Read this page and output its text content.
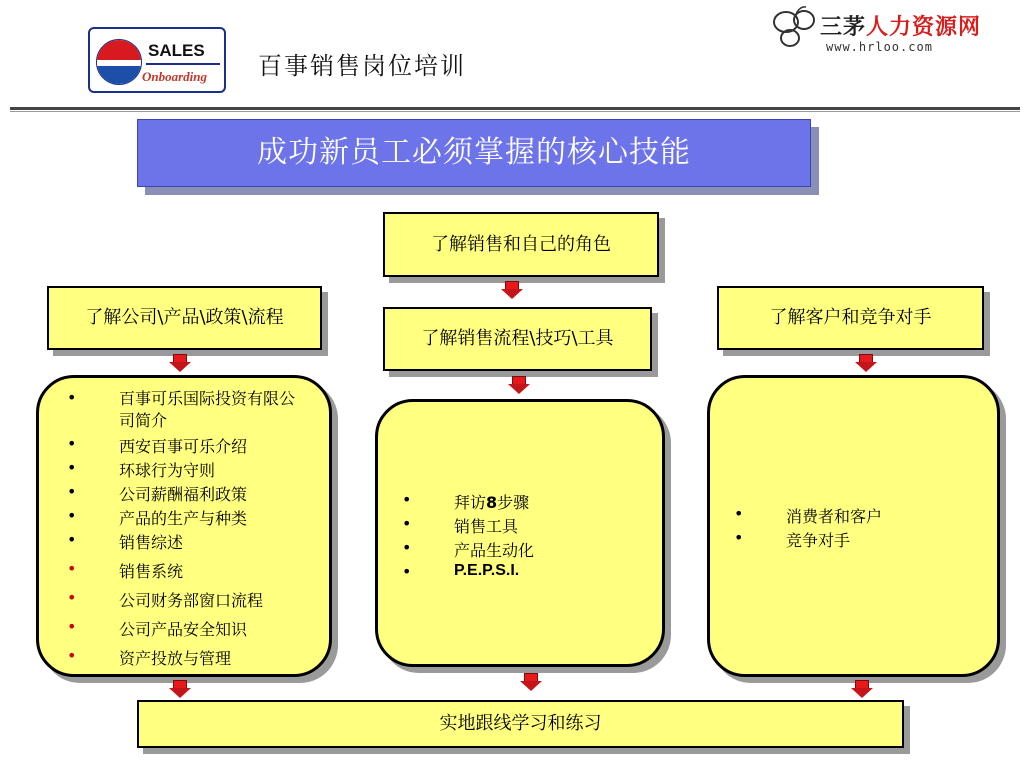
SALES
Onboarding 百事销售岗位培训
三茅人力资源网
www.hrloo.com
成功新员工必须掌握的核心技能
了解销售和自己的角色
了解公司\产品\政策\流程
了解销售流程\技巧\工具
了解客户和竞争对手
•	百事可乐国际投资有限公司简介
•	西安百事可乐介绍
•	环球行为守则
•	公司薪酬福利政策
•	产品的生产与种类
•	销售综述
•	销售系统
•	公司财务部窗口流程
•	公司产品安全知识
•	资产投放与管理
•	拜访8步骤
•	销售工具
•	产品生动化
•	P.E.P.S.I.
•	消费者和客户
•	竞争对手
实地跟线学习和练习
